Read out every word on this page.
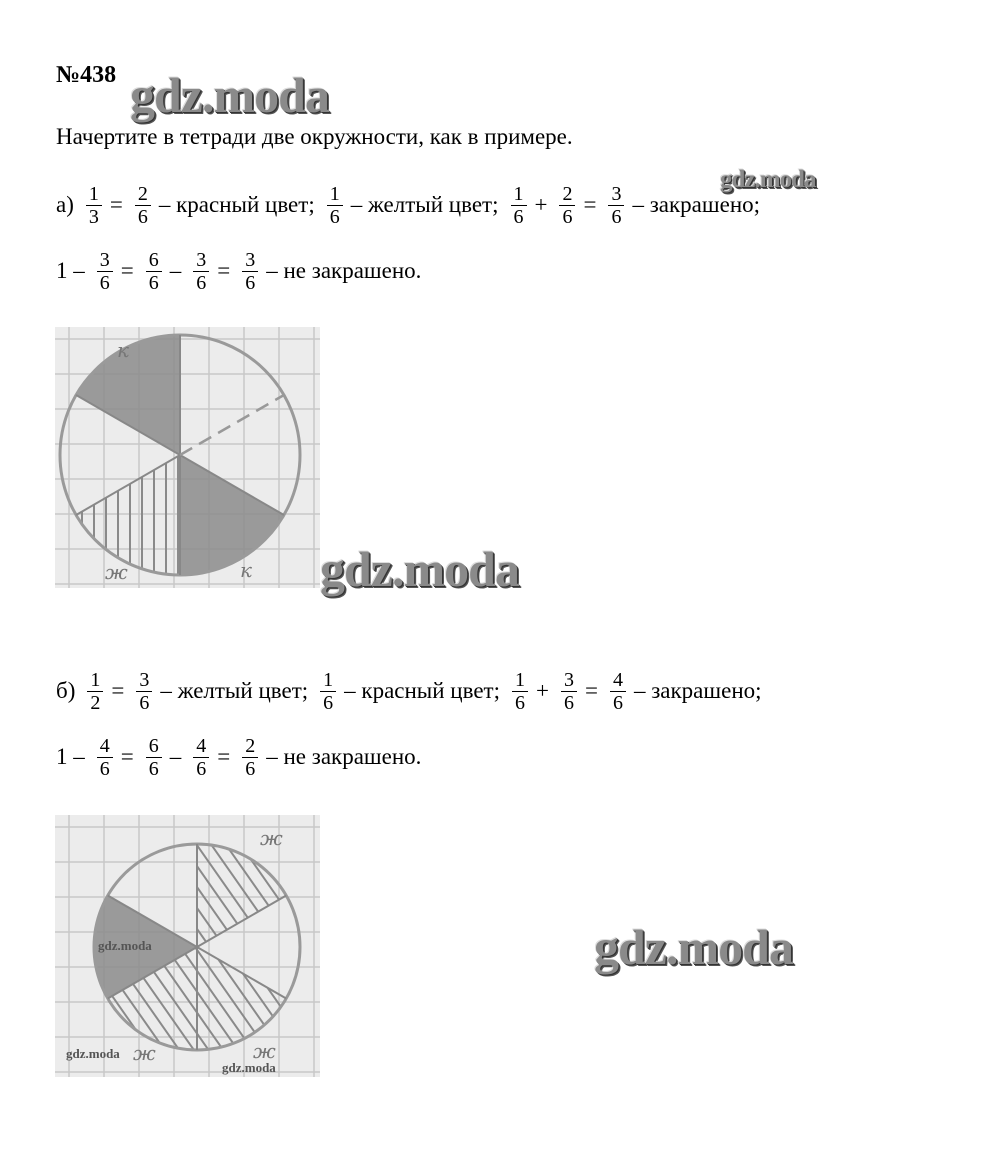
№438 gdz.moda
Начертите в тетради две окружности, как в примере.
$а) \frac{1}{3} = \frac{2}{6}$ – красный цвет; $\frac{1}{6}$ – желтый цвет; $\frac{1}{6} + \frac{2}{6} = \frac{3}{6}$ – закрашено;
gdz.moda
$1 - \frac{3}{6} = \frac{6}{6} - \frac{3}{6} = \frac{3}{6}$ – не закрашено.
к
к
ж	gdz.moda
$б) \frac{1}{2} = \frac{3}{6}$ – желтый цвет; $\frac{1}{6}$ – красный цвет; $\frac{1}{6} + \frac{3}{6} = \frac{4}{6}$ – закрашено;
$1 - \frac{4}{6} = \frac{6}{6} - \frac{4}{6} = \frac{2}{6}$ – не закрашено.
ж
ж	ж
gdz.moda
gdz.moda
gdz.moda
gdz.moda
